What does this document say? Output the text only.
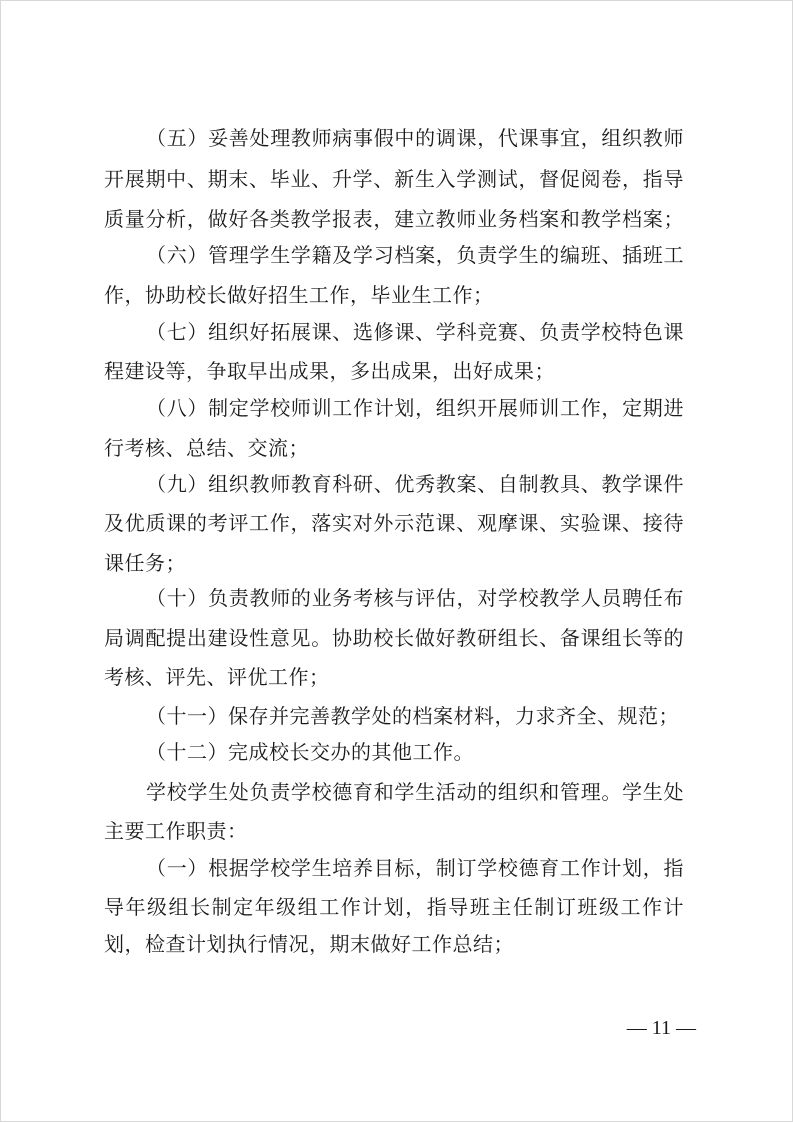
（五）妥善处理教师病事假中的调课，代课事宜，组织教师
开展期中、期末、毕业、升学、新生入学测试，督促阅卷，指导
质量分析，做好各类教学报表，建立教师业务档案和教学档案；
（六）管理学生学籍及学习档案，负责学生的编班、插班工
作，协助校长做好招生工作，毕业生工作；
（七）组织好拓展课、选修课、学科竞赛、负责学校特色课
程建设等，争取早出成果，多出成果，出好成果；
（八）制定学校师训工作计划，组织开展师训工作，定期进
行考核、总结、交流；
（九）组织教师教育科研、优秀教案、自制教具、教学课件
及优质课的考评工作，落实对外示范课、观摩课、实验课、接待
课任务；
（十）负责教师的业务考核与评估，对学校教学人员聘任布
局调配提出建设性意见。协助校长做好教研组长、备课组长等的
考核、评先、评优工作；
（十一）保存并完善教学处的档案材料，力求齐全、规范；
（十二）完成校长交办的其他工作。
学校学生处负责学校德育和学生活动的组织和管理。学生处
主要工作职责：
（一）根据学校学生培养目标，制订学校德育工作计划，指
导年级组长制定年级组工作计划，指导班主任制订班级工作计
划，检查计划执行情况，期末做好工作总结；
— 11 —
